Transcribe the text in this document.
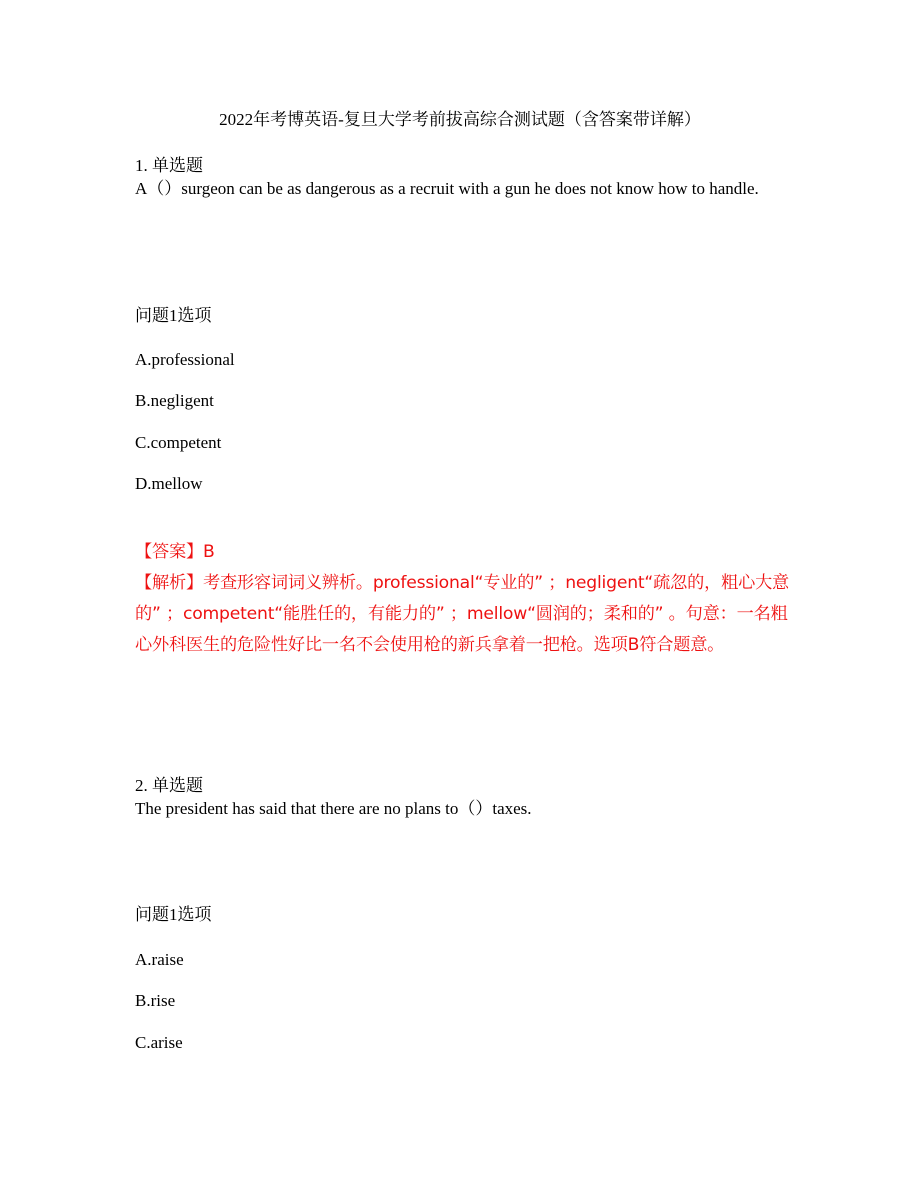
2022年考博英语-复旦大学考前拔高综合测试题（含答案带详解）

1. 单选题

A（）surgeon can be as dangerous as a recruit with a gun he does not know how to handle.

问题1选项
A.professional
B.negligent
C.competent
D.mellow

【答案】B

【解析】考查形容词词义辨析。professional“专业的” ；negligent“疏忽的，粗心大意的” ；competent“能胜任的，有能力的” ；mellow“圆润的；柔和的” 。句意：一名粗心外科医生的危险性好比一名不会使用枪的新兵拿着一把枪。选项B符合题意。

2. 单选题

The president has said that there are no plans to（）taxes.

问题1选项
A.raise
B.rise
C.arise
